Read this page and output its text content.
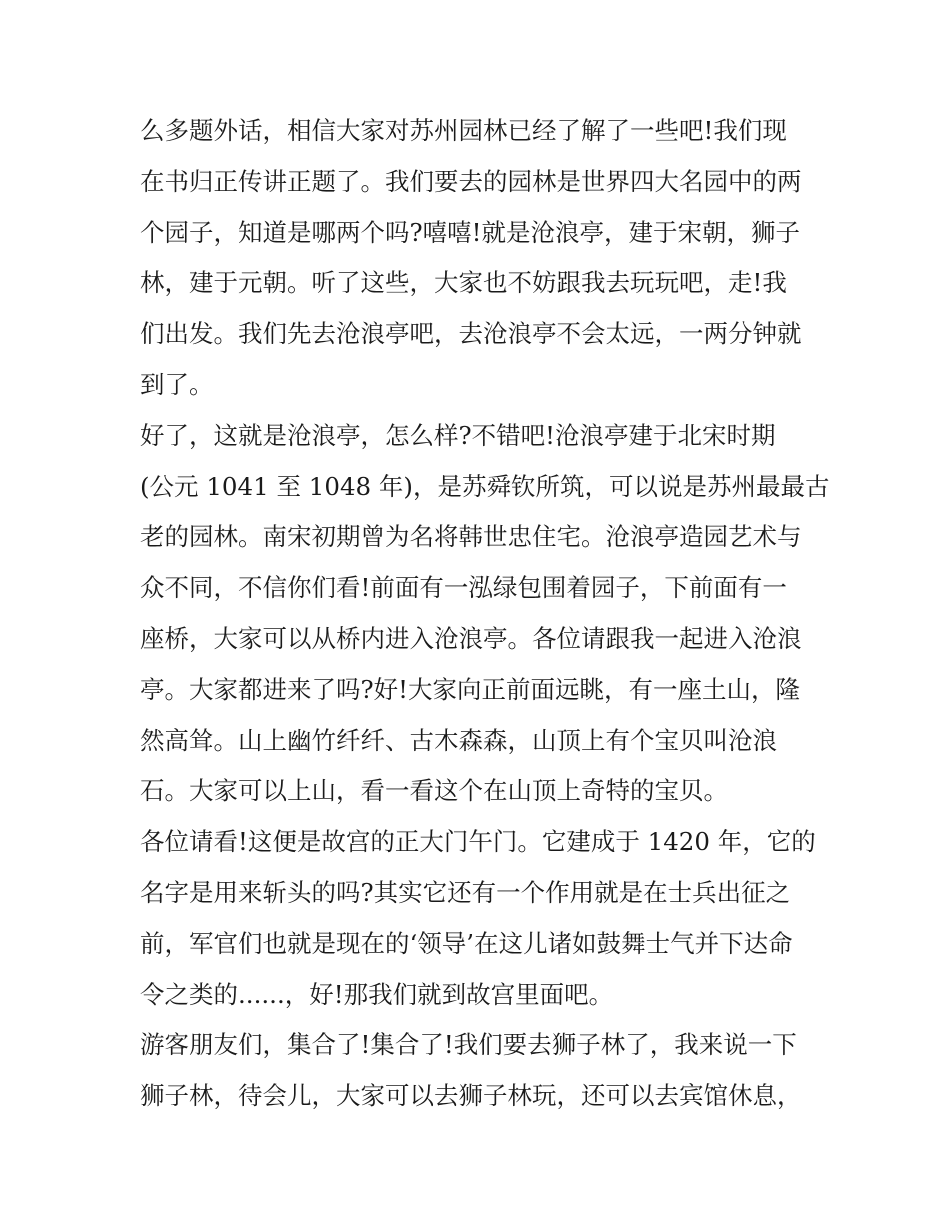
么多题外话，相信大家对苏州园林已经了解了一些吧!我们现
在书归正传讲正题了。我们要去的园林是世界四大名园中的两
个园子，知道是哪两个吗?嘻嘻!就是沧浪亭，建于宋朝，狮子
林，建于元朝。听了这些，大家也不妨跟我去玩玩吧，走!我
们出发。我们先去沧浪亭吧，去沧浪亭不会太远，一两分钟就
到了。
好了，这就是沧浪亭，怎么样?不错吧!沧浪亭建于北宋时期
(公元 1041 至 1048 年)，是苏舜钦所筑，可以说是苏州最最古
老的园林。南宋初期曾为名将韩世忠住宅。沧浪亭造园艺术与
众不同，不信你们看!前面有一泓绿包围着园子，下前面有一
座桥，大家可以从桥内进入沧浪亭。各位请跟我一起进入沧浪
亭。大家都进来了吗?好!大家向正前面远眺，有一座土山，隆
然高耸。山上幽竹纤纤、古木森森，山顶上有个宝贝叫沧浪
石。大家可以上山，看一看这个在山顶上奇特的宝贝。
各位请看!这便是故宫的正大门午门。它建成于 1420 年，它的
名字是用来斩头的吗?其实它还有一个作用就是在士兵出征之
前，军官们也就是现在的‘领导’在这儿诸如鼓舞士气并下达命
令之类的......，好!那我们就到故宫里面吧。
游客朋友们，集合了!集合了!我们要去狮子林了，我来说一下
狮子林，待会儿，大家可以去狮子林玩，还可以去宾馆休息，
